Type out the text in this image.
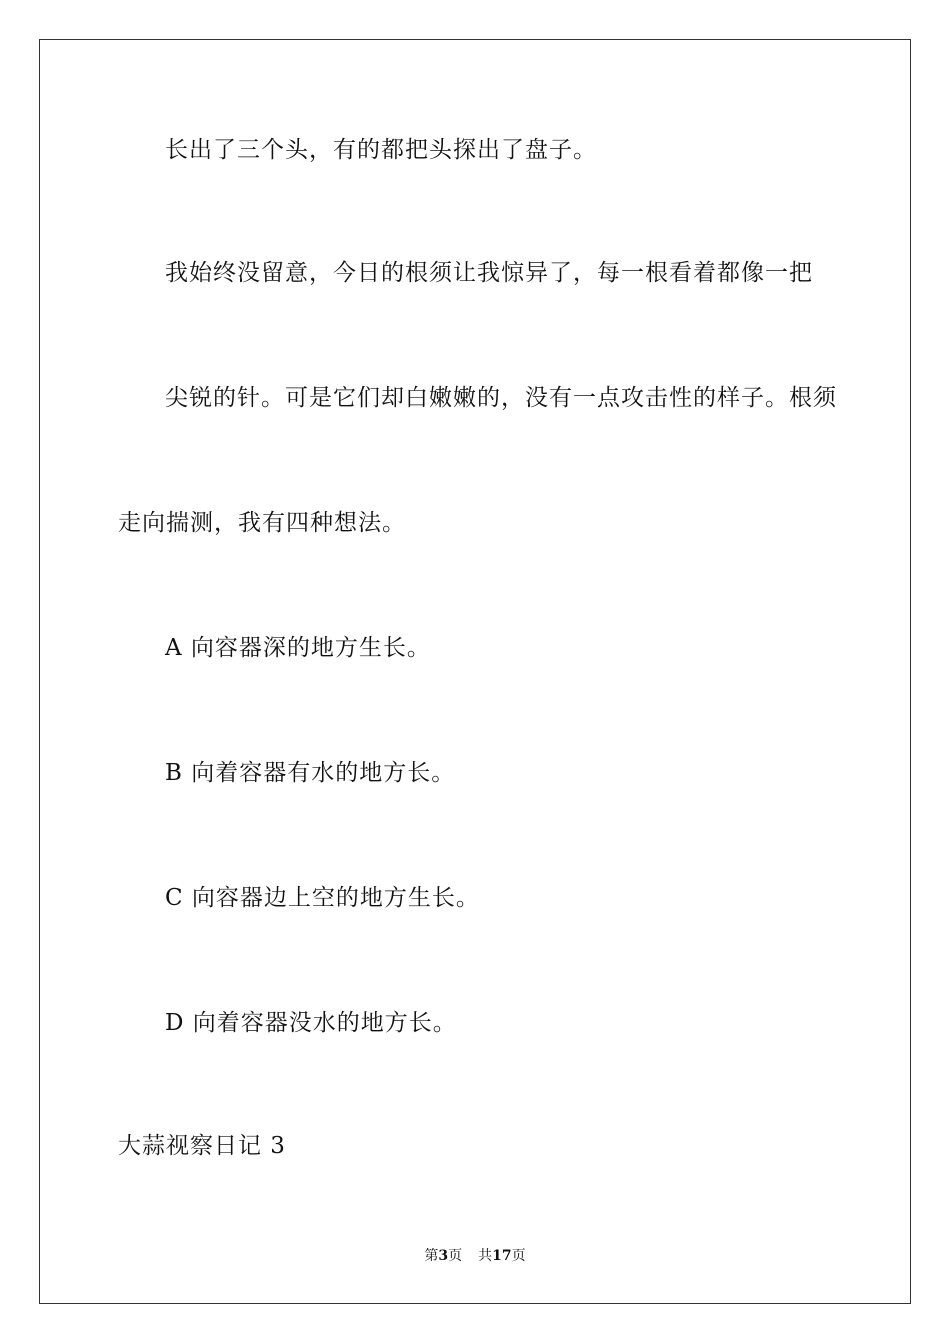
长出了三个头，有的都把头探出了盘子。
我始终没留意，今日的根须让我惊异了，每一根看着都像一把
尖锐的针。可是它们却白嫩嫩的，没有一点攻击性的样子。根须
走向揣测，我有四种想法。
A 向容器深的地方生长。
B 向着容器有水的地方长。
C 向容器边上空的地方生长。
D 向着容器没水的地方长。
大蒜视察日记 3
第3页 共17页
